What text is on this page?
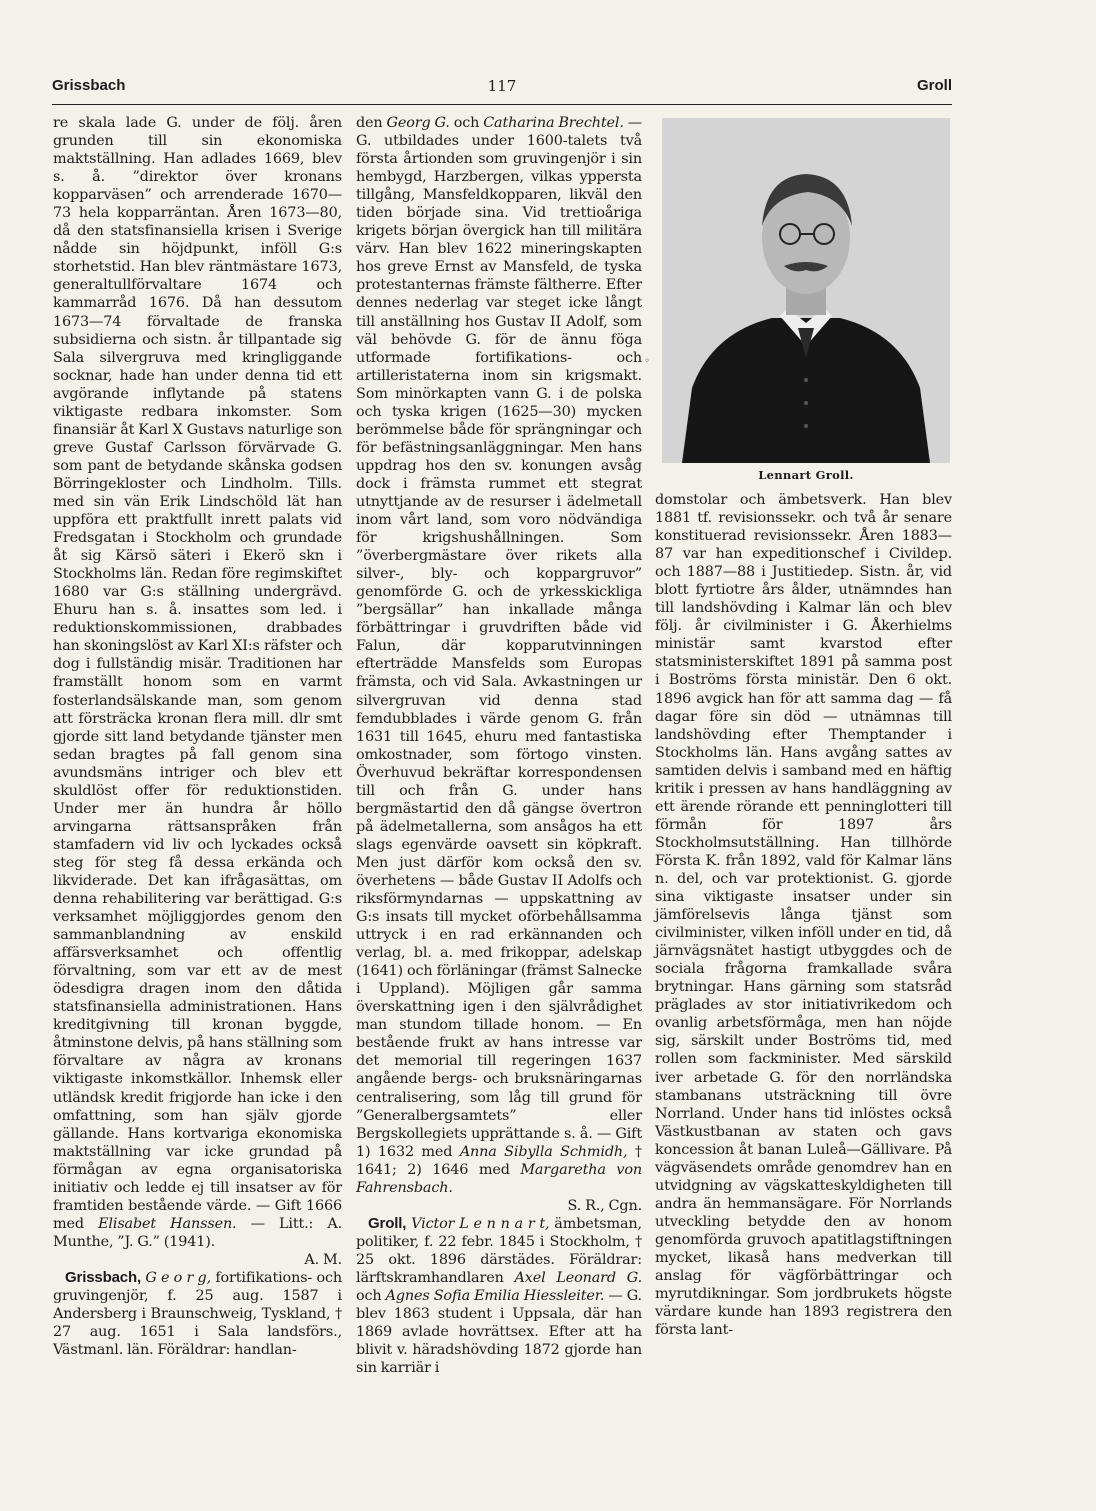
Grissbach	117	Groll

re skala lade G. under de följ. åren grunden till sin ekonomiska maktställning. Han adlades 1669, blev s. å. ”direktor över kronans kopparväsen” och arrenderade 1670—73 hela kopparräntan. Åren 1673—80, då den statsfinansiella krisen i Sverige nådde sin höjdpunkt, inföll G:s storhetstid. Han blev räntmästare 1673, generaltullförvaltare 1674 och kammarråd 1676. Då han dessutom 1673—74 förvaltade de franska subsidierna och sistn. år tillpantade sig Sala silvergruva med kringliggande socknar, hade han under denna tid ett avgörande inflytande på statens viktigaste redbara inkomster. Som finansiär åt Karl X Gustavs naturlige son greve Gustaf Carlsson förvärvade G. som pant de betydande skånska godsen Börringekloster och Lindholm. Tills. med sin vän Erik Lindschöld lät han uppföra ett praktfullt inrett palats vid Fredsgatan i Stockholm och grundade åt sig Kärsö säteri i Ekerö skn i Stockholms län. Redan före regimskiftet 1680 var G:s ställning undergrävd. Ehuru han s. å. insattes som led. i reduktionskommissionen, drabbades han skoningslöst av Karl XI:s räfster och dog i fullständig misär. Traditionen har framställt honom som en varmt fosterlandsälskande man, som genom att försträcka kronan flera mill. dlr smt gjorde sitt land betydande tjänster men sedan bragtes på fall genom sina avundsmäns intriger och blev ett skuldlöst offer för reduktionstiden. Under mer än hundra år höllo arvingarna rättsanspråken från stamfadern vid liv och lyckades också steg för steg få dessa erkända och likviderade. Det kan ifrågasättas, om denna rehabilitering var berättigad. G:s verksamhet möjliggjordes genom den sammanblandning av enskild affärsverksamhet och offentlig förvaltning, som var ett av de mest ödesdigra dragen inom den dåtida statsfinansiella administrationen. Hans kreditgivning till kronan byggde, åtminstone delvis, på hans ställning som förvaltare av några av kronans viktigaste inkomstkällor. Inhemsk eller utländsk kredit frigjorde han icke i den omfattning, som han själv gjorde gällande. Hans kortvariga ekonomiska maktställning var icke grundad på förmågan av egna organisatoriska initiativ och ledde ej till insatser av för framtiden bestående värde. — Gift 1666 med Elisabet Hanssen. — Litt.: A. Munthe, ”J. G.” (1941).
A. M.

Grissbach, G e o r g, fortifikations- och gruvingenjör, f. 25 aug. 1587 i Andersberg i Braunschweig, Tyskland, † 27 aug. 1651 i Sala landsförs., Västmanl. län. Föräldrar: handlan-

den Georg G. och Catharina Brechtel. — G. utbildades under 1600-talets två första årtionden som gruvingenjör i sin hembygd, Harzbergen, vilkas yppersta tillgång, Mansfeldkopparen, likväl den tiden började sina. Vid trettioåriga krigets början övergick han till militära värv. Han blev 1622 mineringskapten hos greve Ernst av Mansfeld, de tyska protestanternas främste fältherre. Efter dennes nederlag var steget icke långt till anställning hos Gustav II Adolf, som väl behövde G. för de ännu föga utformade fortifikations- och artilleristaterna inom sin krigsmakt. Som minörkapten vann G. i de polska och tyska krigen (1625—30) mycken berömmelse både för sprängningar och för befästningsanläggningar. Men hans uppdrag hos den sv. konungen avsåg dock i främsta rummet ett stegrat utnyttjande av de resurser i ädelmetall inom vårt land, som voro nödvändiga för krigshushållningen. Som ”överbergmästare över rikets alla silver-, bly- och koppargruvor” genomförde G. och de yrkesskickliga ”bergsällar” han inkallade många förbättringar i gruvdriften både vid Falun, där kopparutvinningen efterträdde Mansfelds som Europas främsta, och vid Sala. Avkastningen ur silvergruvan vid denna stad femdubblades i värde genom G. från 1631 till 1645, ehuru med fantastiska omkostnader, som förtogo vinsten. Överhuvud bekräftar korrespondensen till och från G. under hans bergmästartid den då gängse övertron på ädelmetallerna, som ansågos ha ett slags egenvärde oavsett sin köpkraft. Men just därför kom också den sv. överhetens — både Gustav II Adolfs och riksförmyndarnas — uppskattning av G:s insats till mycket oförbehållsamma uttryck i en rad erkännanden och verlag, bl. a. med frikoppar, adelskap (1641) och förläningar (främst Salnecke i Uppland). Möjligen går samma överskattning igen i den självrådighet man stundom tillade honom. — En bestående frukt av hans intresse var det memorial till regeringen 1637 angående bergs- och bruksnäringarnas centralisering, som låg till grund för ”Generalbergsamtets” eller Bergskollegiets upprättande s. å. — Gift 1) 1632 med Anna Sibylla Schmidh, † 1641; 2) 1646 med Margaretha von Fahrensbach.
S. R., Cgn.

Groll, Victor L e n n a r t, ämbetsman, politiker, f. 22 febr. 1845 i Stockholm, † 25 okt. 1896 därstädes. Föräldrar: lärftskramhandlaren Axel Leonard G. och Agnes Sofia Emilia Hiessleiter. — G. blev 1863 student i Uppsala, där han 1869 avlade hovrättsex. Efter att ha blivit v. häradshövding 1872 gjorde han sin karriär i

◦
Lennart Groll.

domstolar och ämbetsverk. Han blev 1881 tf. revisionssekr. och två år senare konstituerad revisionssekr. Åren 1883—87 var han expeditionschef i Civildep. och 1887—88 i Justitiedep. Sistn. år, vid blott fyrtiotre års ålder, utnämndes han till landshövding i Kalmar län och blev följ. år civilminister i G. Åkerhielms ministär samt kvarstod efter statsministerskiftet 1891 på samma post i Boströms första ministär. Den 6 okt. 1896 avgick han för att samma dag — få dagar före sin död — utnämnas till landshövding efter Themptander i Stockholms län. Hans avgång sattes av samtiden delvis i samband med en häftig kritik i pressen av hans handläggning av ett ärende rörande ett penninglotteri till förmån för 1897 års Stockholmsutställning. Han tillhörde Första K. från 1892, vald för Kalmar läns n. del, och var protektionist. G. gjorde sina viktigaste insatser under sin jämförelsevis långa tjänst som civilminister, vilken inföll under en tid, då järnvägsnätet hastigt utbyggdes och de sociala frågorna framkallade svåra brytningar. Hans gärning som statsråd präglades av stor initiativrikedom och ovanlig arbetsförmåga, men han nöjde sig, särskilt under Boströms tid, med rollen som fackminister. Med särskild iver arbetade G. för den norrländska stambanans utsträckning till övre Norrland. Under hans tid inlöstes också Västkustbanan av staten och gavs koncession åt banan Luleå—Gällivare. På vägväsendets område genomdrev han en utvidgning av vägskatteskyldigheten till andra än hemmansägare. För Norrlands utveckling betydde den av honom genomförda gruvoch apatitlagstiftningen mycket, likaså hans medverkan till anslag för vägförbättringar och myrutdikningar. Som jordbrukets högste värdare kunde han 1893 registrera den första lant-
